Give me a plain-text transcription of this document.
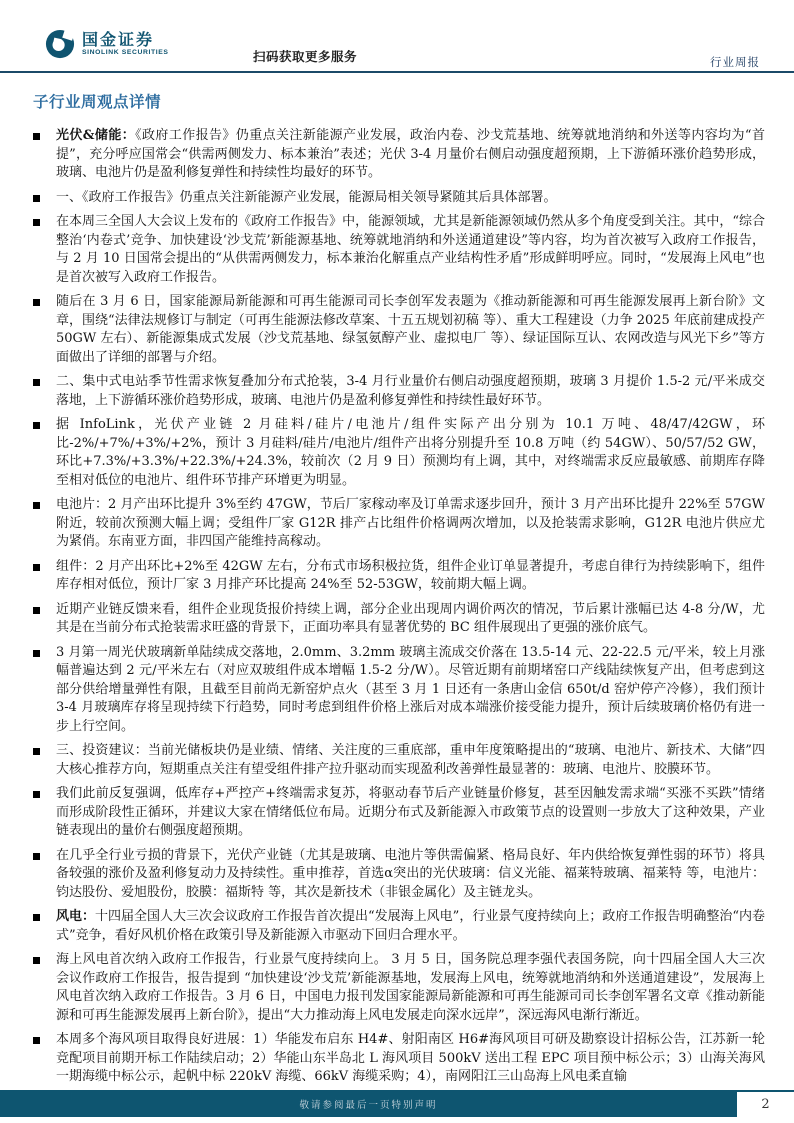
国金证券
SINOLINK SECURITIES	扫码获取更多服务	行业周报
子行业周观点详情

光伏&储能：《政府工作报告》仍重点关注新能源产业发展，政治内卷、沙戈荒基地、统筹就地消纳和外送等内容均为“首提”，充分呼应国常会“供需两侧发力、标本兼治”表述；光伏 3-4 月量价右侧启动强度超预期，上下游循环涨价趋势形成，玻璃、电池片仍是盈利修复弹性和持续性均最好的环节。

一、《政府工作报告》仍重点关注新能源产业发展，能源局相关领导紧随其后具体部署。

在本周三全国人大会议上发布的《政府工作报告》中，能源领域，尤其是新能源领域仍然从多个角度受到关注。其中，“综合整治‘内卷式’竞争、加快建设‘沙戈荒’新能源基地、统筹就地消纳和外送通道建设”等内容，均为首次被写入政府工作报告，与 2 月 10 日国常会提出的“从供需两侧发力，标本兼治化解重点产业结构性矛盾”形成鲜明呼应。同时，“发展海上风电”也是首次被写入政府工作报告。

随后在 3 月 6 日，国家能源局新能源和可再生能源司司长李创军发表题为《推动新能源和可再生能源发展再上新台阶》文章，围绕“法律法规修订与制定（可再生能源法修改草案、十五五规划初稿 等）、重大工程建设（力争 2025 年底前建成投产 50GW 左右）、新能源集成式发展（沙戈荒基地、绿氢氨醇产业、虚拟电厂 等）、绿证国际互认、农网改造与风光下乡”等方面做出了详细的部署与介绍。

二、集中式电站季节性需求恢复叠加分布式抢装，3-4 月行业量价右侧启动强度超预期，玻璃 3 月提价 1.5-2 元/平米成交落地，上下游循环涨价趋势形成，玻璃、电池片仍是盈利修复弹性和持续性最好环节。

据 InfoLink，光伏产业链 2 月硅料/硅片/电池片/组件实际产出分别为 10.1 万吨、48/47/42GW，环比-2%/+7%/+3%/+2%，预计 3 月硅料/硅片/电池片/组件产出将分别提升至 10.8 万吨（约 54GW）、50/57/52 GW，环比+7.3%/+3.3%/+22.3%/+24.3%，较前次（2 月 9 日）预测均有上调，其中，对终端需求反应最敏感、前期库存降至相对低位的电池片、组件环节排产环增更为明显。

电池片：2 月产出环比提升 3%至约 47GW，节后厂家稼动率及订单需求逐步回升，预计 3 月产出环比提升 22%至 57GW 附近，较前次预测大幅上调；受组件厂家 G12R 排产占比组件价格调两次增加，以及抢装需求影响，G12R 电池片供应尤为紧俏。东南亚方面，非四国产能维持高稼动。

组件：2 月产出环比+2%至 42GW 左右，分布式市场积极拉货，组件企业订单显著提升，考虑自律行为持续影响下，组件库存相对低位，预计厂家 3 月排产环比提高 24%至 52-53GW，较前期大幅上调。

近期产业链反馈来看，组件企业现货报价持续上调，部分企业出现周内调价两次的情况，节后累计涨幅已达 4-8 分/W，尤其是在当前分布式抢装需求旺盛的背景下，正面功率具有显著优势的 BC 组件展现出了更强的涨价底气。

3 月第一周光伏玻璃新单陆续成交落地，2.0mm、3.2mm 玻璃主流成交价落在 13.5-14 元、22-22.5 元/平米，较上月涨幅普遍达到 2 元/平米左右（对应双玻组件成本增幅 1.5-2 分/W）。尽管近期有前期堵窑口产线陆续恢复产出，但考虑到这部分供给增量弹性有限，且截至目前尚无新窑炉点火（甚至 3 月 1 日还有一条唐山金信 650t/d 窑炉停产冷修），我们预计 3-4 月玻璃库存将呈现持续下行趋势，同时考虑到组件价格上涨后对成本端涨价接受能力提升，预计后续玻璃价格仍有进一步上行空间。

三、投资建议：当前光储板块仍是业绩、情绪、关注度的三重底部，重申年度策略提出的“玻璃、电池片、新技术、大储”四大核心推荐方向，短期重点关注有望受组件排产拉升驱动而实现盈利改善弹性最显著的：玻璃、电池片、胶膜环节。

我们此前反复强调，低库存+严控产+终端需求复苏，将驱动春节后产业链量价修复，甚至因触发需求端“买涨不买跌”情绪而形成阶段性正循环，并建议大家在情绪低位布局。近期分布式及新能源入市政策节点的设置则一步放大了这种效果，产业链表现出的量价右侧强度超预期。

在几乎全行业亏损的背景下，光伏产业链（尤其是玻璃、电池片等供需偏紧、格局良好、年内供给恢复弹性弱的环节）将具备较强的涨价及盈利修复动力及持续性。重申推荐，首选α突出的光伏玻璃：信义光能、福莱特玻璃、福莱特 等，电池片：钧达股份、爱旭股份，胶膜：福斯特 等，其次是新技术（非银金属化）及主链龙头。

风电：十四届全国人大三次会议政府工作报告首次提出“发展海上风电”，行业景气度持续向上；政府工作报告明确整治“内卷式”竞争，看好风机价格在政策引导及新能源入市驱动下回归合理水平。

海上风电首次纳入政府工作报告，行业景气度持续向上。 3 月 5 日，国务院总理李强代表国务院，向十四届全国人大三次会议作政府工作报告，报告提到 “加快建设‘沙戈荒’新能源基地，发展海上风电，统筹就地消纳和外送通道建设”，发展海上风电首次纳入政府工作报告。3 月 6 日，中国电力报刊发国家能源局新能源和可再生能源司司长李创军署名文章《推动新能源和可再生能源发展再上新台阶》，提出“大力推动海上风电发展走向深水远岸”，深远海风电渐行渐近。

本周多个海风项目取得良好进展：1）华能发布启东 H4#、射阳南区 H6#海风项目可研及勘察设计招标公告，江苏新一轮竞配项目前期开标工作陆续启动；2）华能山东半岛北 L 海风项目 500kV 送出工程 EPC 项目预中标公示；3）山海关海风一期海缆中标公示，起帆中标 220kV 海缆、66kV 海缆采购；4），南网阳江三山岛海上风电柔直输

敬请参阅最后一页特别声明	2
